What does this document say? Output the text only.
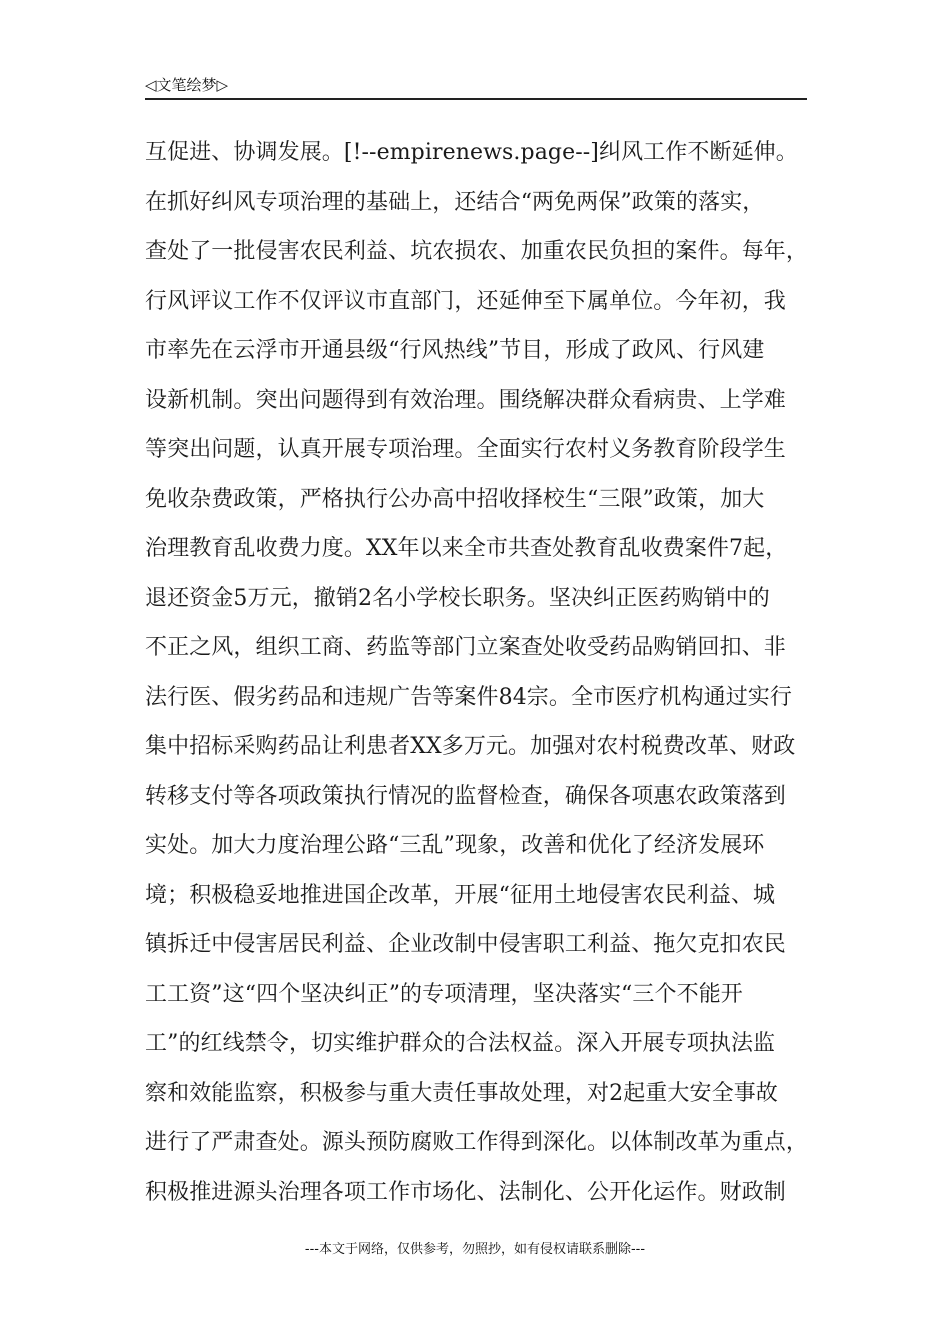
◁文笔绘梦▷
互促进、协调发展。[!--empirenews.page--]纠风工作不断延伸。
在抓好纠风专项治理的基础上，还结合“两免两保”政策的落实，
查处了一批侵害农民利益、坑农损农、加重农民负担的案件。每年，
行风评议工作不仅评议市直部门，还延伸至下属单位。今年初，我
市率先在云浮市开通县级“行风热线”节目，形成了政风、行风建
设新机制。突出问题得到有效治理。围绕解决群众看病贵、上学难
等突出问题，认真开展专项治理。全面实行农村义务教育阶段学生
免收杂费政策，严格执行公办高中招收择校生“三限”政策，加大
治理教育乱收费力度。XX年以来全市共查处教育乱收费案件7起，
退还资金5万元，撤销2名小学校长职务。坚决纠正医药购销中的
不正之风，组织工商、药监等部门立案查处收受药品购销回扣、非
法行医、假劣药品和违规广告等案件84宗。全市医疗机构通过实行
集中招标采购药品让利患者XX多万元。加强对农村税费改革、财政
转移支付等各项政策执行情况的监督检查，确保各项惠农政策落到
实处。加大力度治理公路“三乱”现象，改善和优化了经济发展环
境；积极稳妥地推进国企改革，开展“征用土地侵害农民利益、城
镇拆迁中侵害居民利益、企业改制中侵害职工利益、拖欠克扣农民
工工资”这“四个坚决纠正”的专项清理，坚决落实“三个不能开
工”的红线禁令，切实维护群众的合法权益。深入开展专项执法监
察和效能监察，积极参与重大责任事故处理，对2起重大安全事故
进行了严肃查处。源头预防腐败工作得到深化。以体制改革为重点，
积极推进源头治理各项工作市场化、法制化、公开化运作。财政制
---本文于网络，仅供参考，勿照抄，如有侵权请联系删除---
